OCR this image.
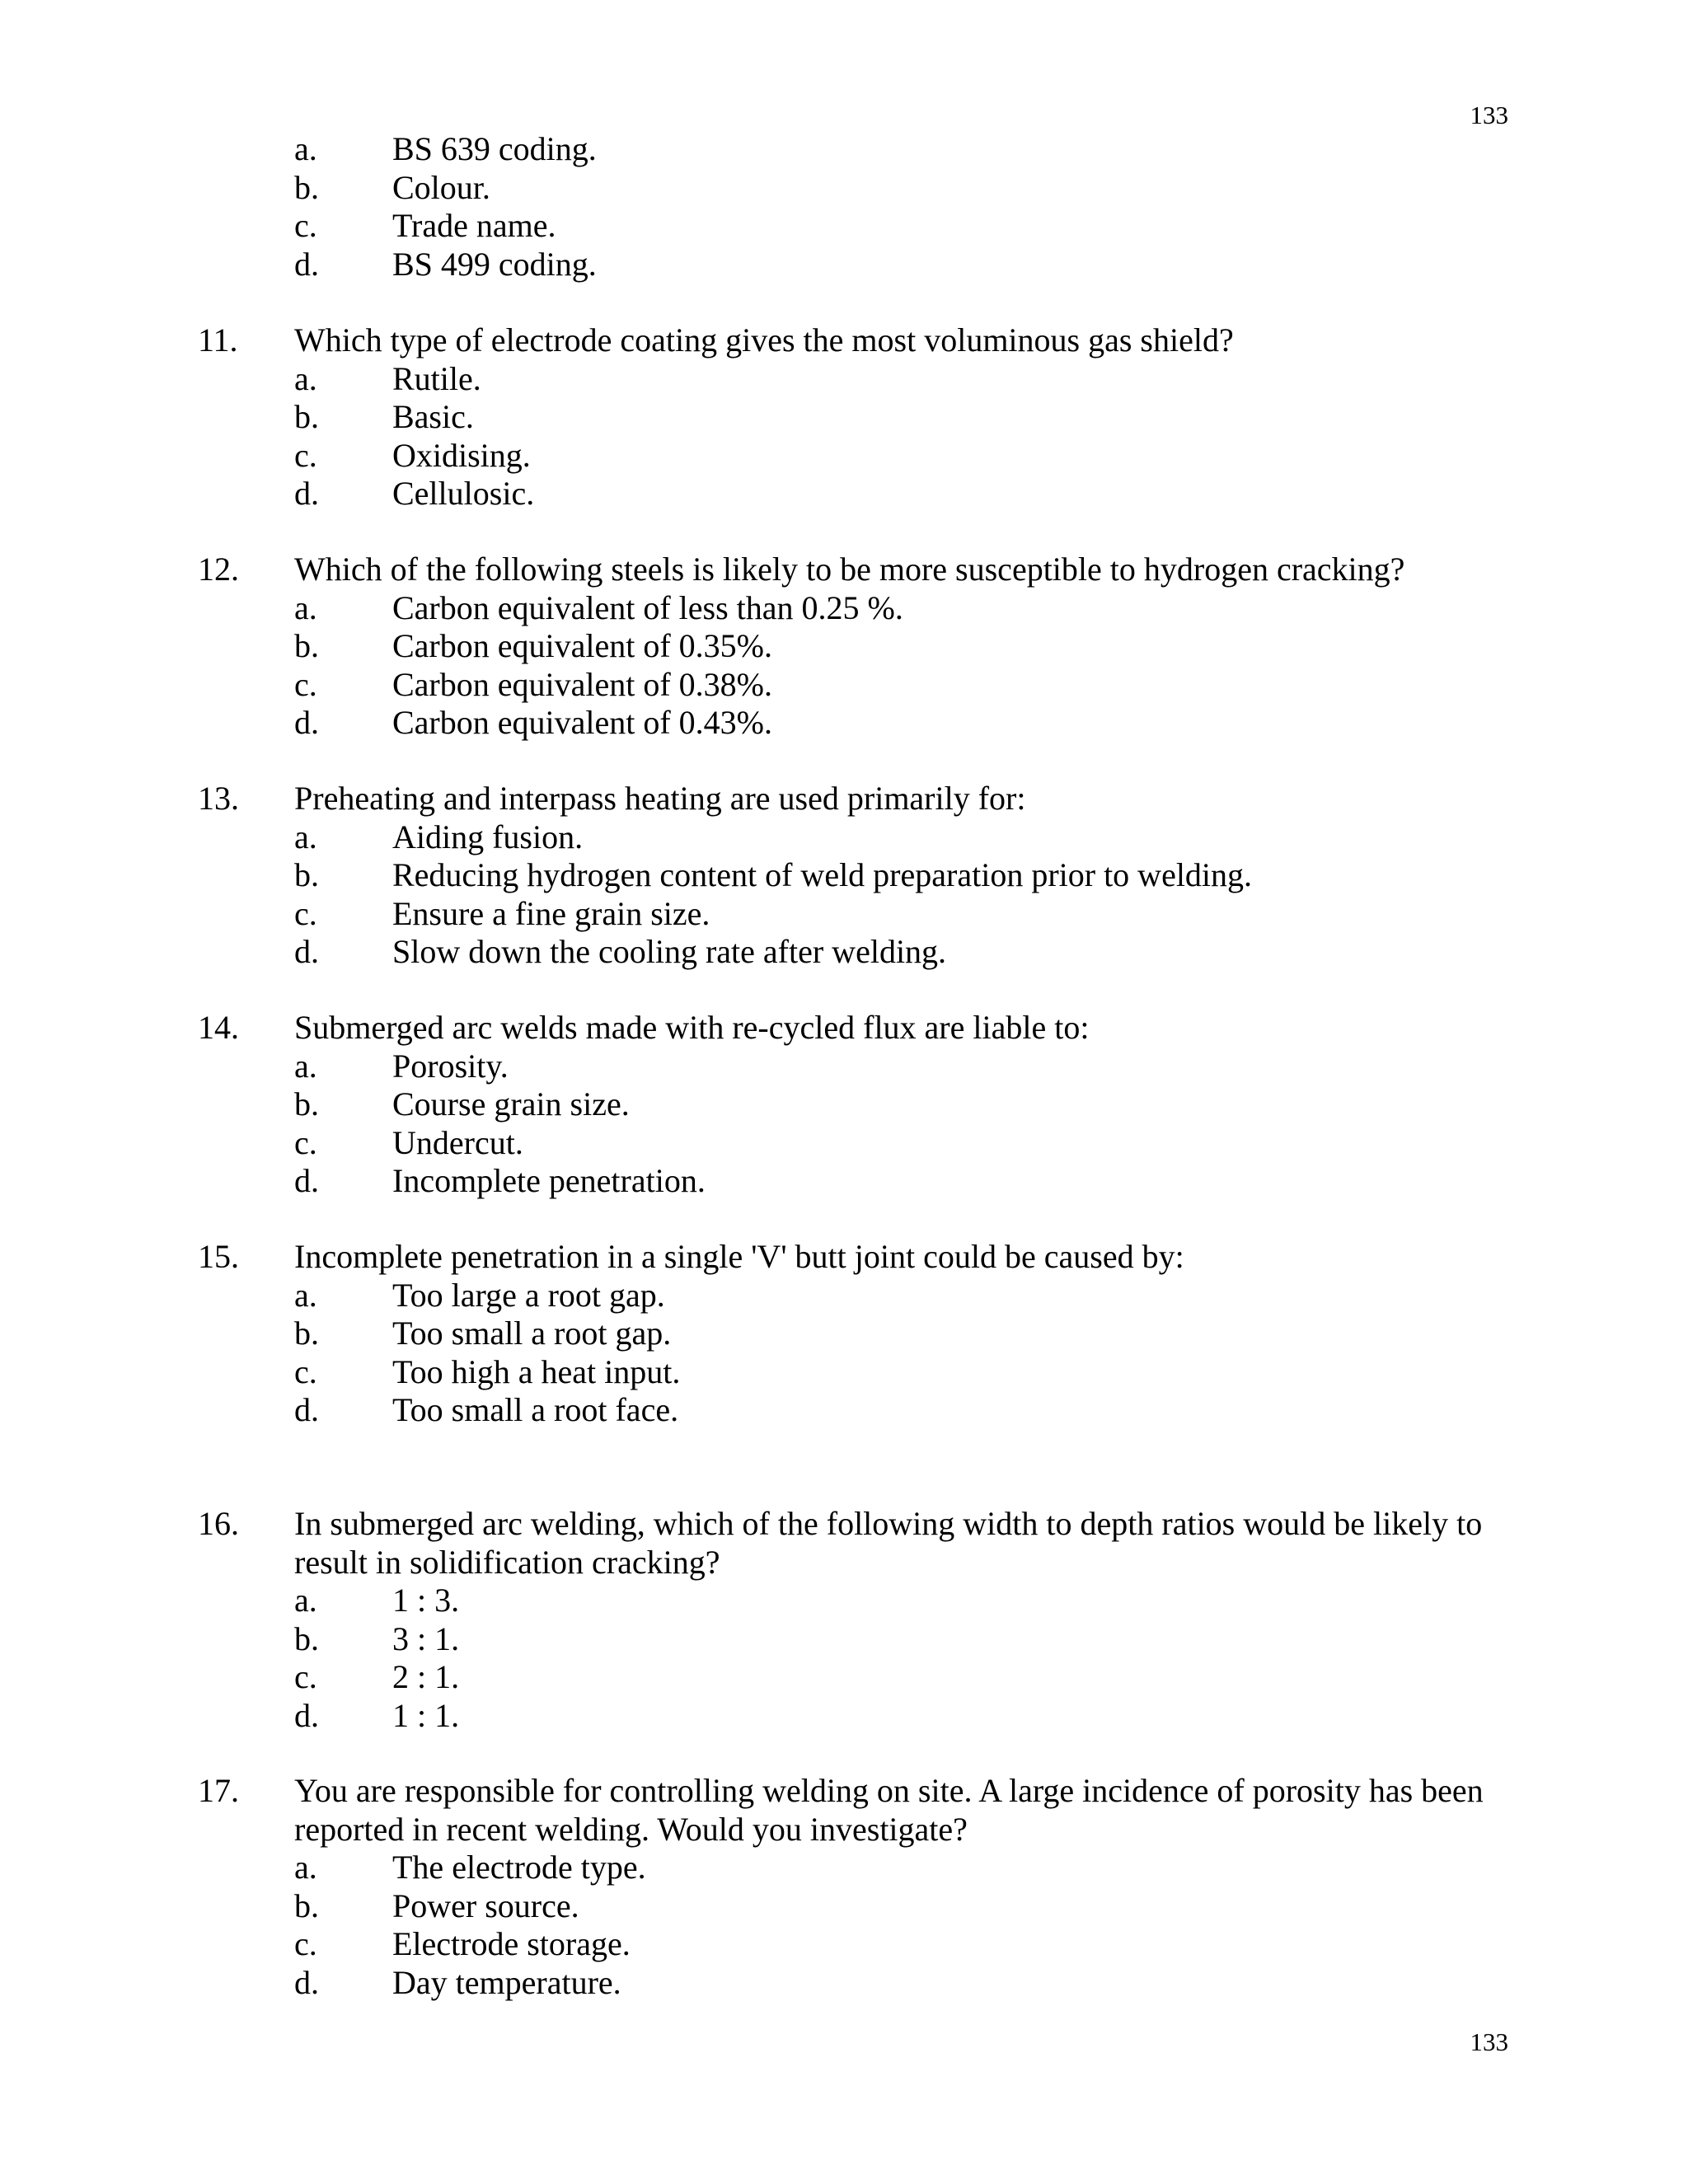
133
a. BS 639 coding.
b. Colour.
c. Trade name.
d. BS 499 coding.
11. Which type of electrode coating gives the most voluminous gas shield?
a. Rutile.
b. Basic.
c. Oxidising.
d. Cellulosic.
12. Which of the following steels is likely to be more susceptible to hydrogen cracking?
a. Carbon equivalent of less than 0.25 %.
b. Carbon equivalent of 0.35%.
c. Carbon equivalent of 0.38%.
d. Carbon equivalent of 0.43%.
13. Preheating and interpass heating are used primarily for:
a. Aiding fusion.
b. Reducing hydrogen content of weld preparation prior to welding.
c. Ensure a fine grain size.
d. Slow down the cooling rate after welding.
14. Submerged arc welds made with re-cycled flux are liable to:
a. Porosity.
b. Course grain size.
c. Undercut.
d. Incomplete penetration.
15. Incomplete penetration in a single 'V' butt joint could be caused by:
a. Too large a root gap.
b. Too small a root gap.
c. Too high a heat input.
d. Too small a root face.
16. In submerged arc welding, which of the following width to depth ratios would be likely to result in solidification cracking?
a. 1 : 3.
b. 3 : 1.
c. 2 : 1.
d. 1 : 1.
17. You are responsible for controlling welding on site. A large incidence of porosity has been reported in recent welding. Would you investigate?
a. The electrode type.
b. Power source.
c. Electrode storage.
d. Day temperature.
133
